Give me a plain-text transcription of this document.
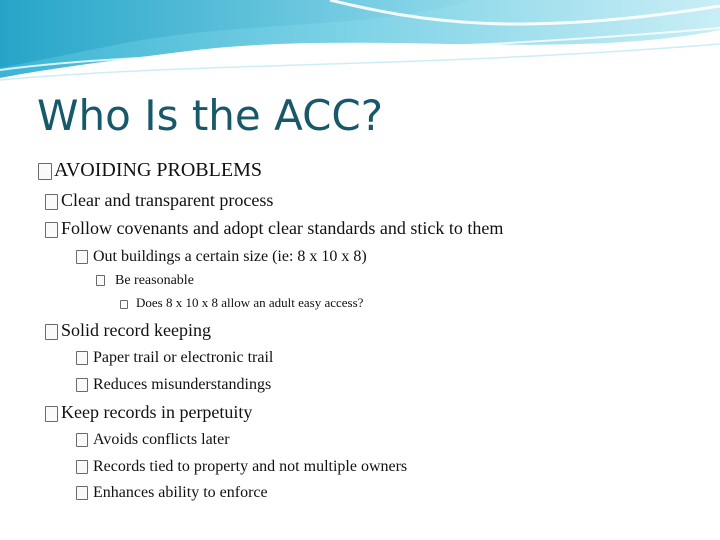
Who Is the ACC?
AVOIDING PROBLEMS
Clear and transparent process
Follow covenants and adopt clear standards and stick to them
Out buildings a certain size (ie: 8 x 10 x 8)
Be reasonable
Does 8 x 10 x 8 allow an adult easy access?
Solid record keeping
Paper trail or electronic trail
Reduces misunderstandings
Keep records in perpetuity
Avoids conflicts later
Records tied to property and not multiple owners
Enhances ability to enforce
